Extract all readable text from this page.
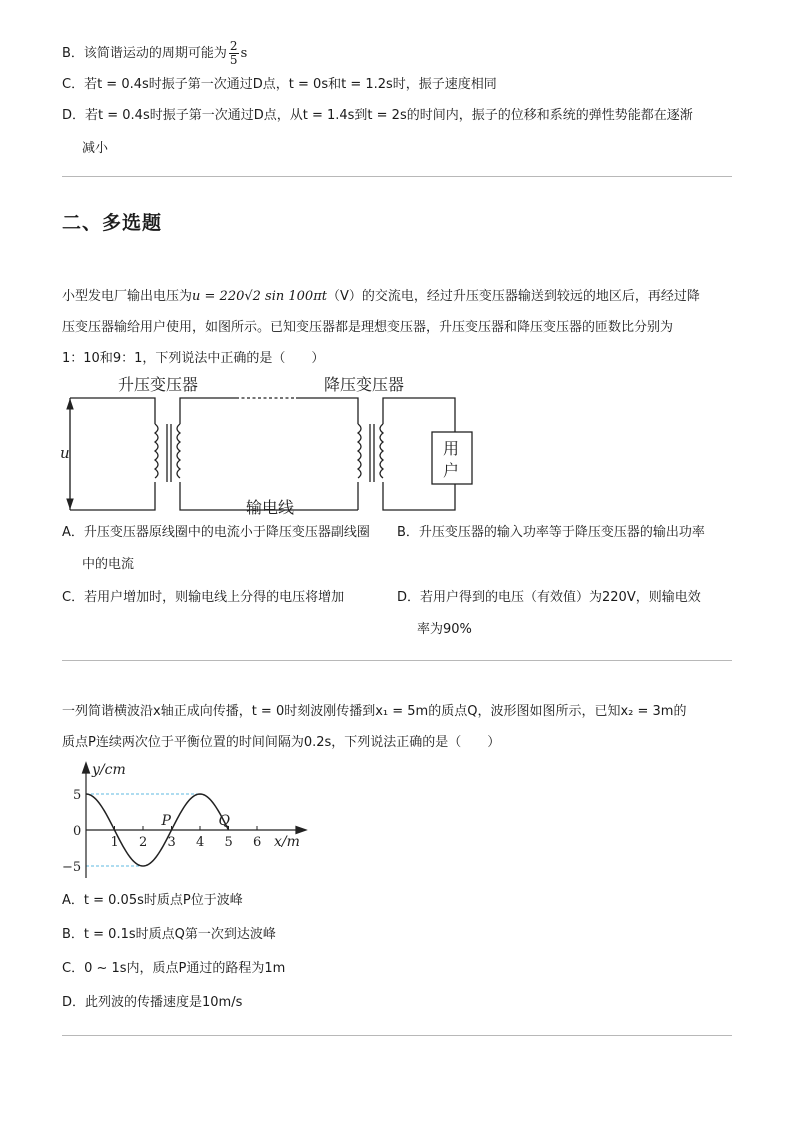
B．该简谐运动的周期可能为 $\frac{2}{5}$ s
C．若t = 0.4s时振子第一次通过D点，t = 0s和t = 1.2s时，振子速度相同
D．若t = 0.4s时振子第一次通过D点，从t = 1.4s到t = 2s的时间内，振子的位移和系统的弹性势能都在逐渐
减小
二、多选题
小型发电厂输出电压为u = 220√2 sin 100πt（V）的交流电，经过升压变压器输送到较远的地区后，再经过降
压变压器输给用户使用，如图所示。已知变压器都是理想变压器，升压变压器和降压变压器的匝数比分别为
1：10和9：1，下列说法中正确的是（　　）
升压变压器	降压变压器
u
输电线
用
户
A．升压变压器原线圈中的电流小于降压变压器副线圈
中的电流
B．升压变压器的输入功率等于降压变压器的输出功率
C．若用户增加时，则输电线上分得的电压将增加	D．若用户得到的电压（有效值）为220V，则输电效
率为90%
一列简谐横波沿x轴正成向传播，t = 0时刻波刚传播到x₁ = 5m的质点Q，波形图如图所示，已知x₂ = 3m的
质点P连续两次位于平衡位置的时间间隔为0.2s，下列说法正确的是（　　）
y/cm
x/m
1 2 3 4 5 6
5
0
−5
P	Q
A．t = 0.05s时质点P位于波峰
B．t = 0.1s时质点Q第一次到达波峰
C．0 ~ 1s内，质点P通过的路程为1m
D．此列波的传播速度是10m/s
